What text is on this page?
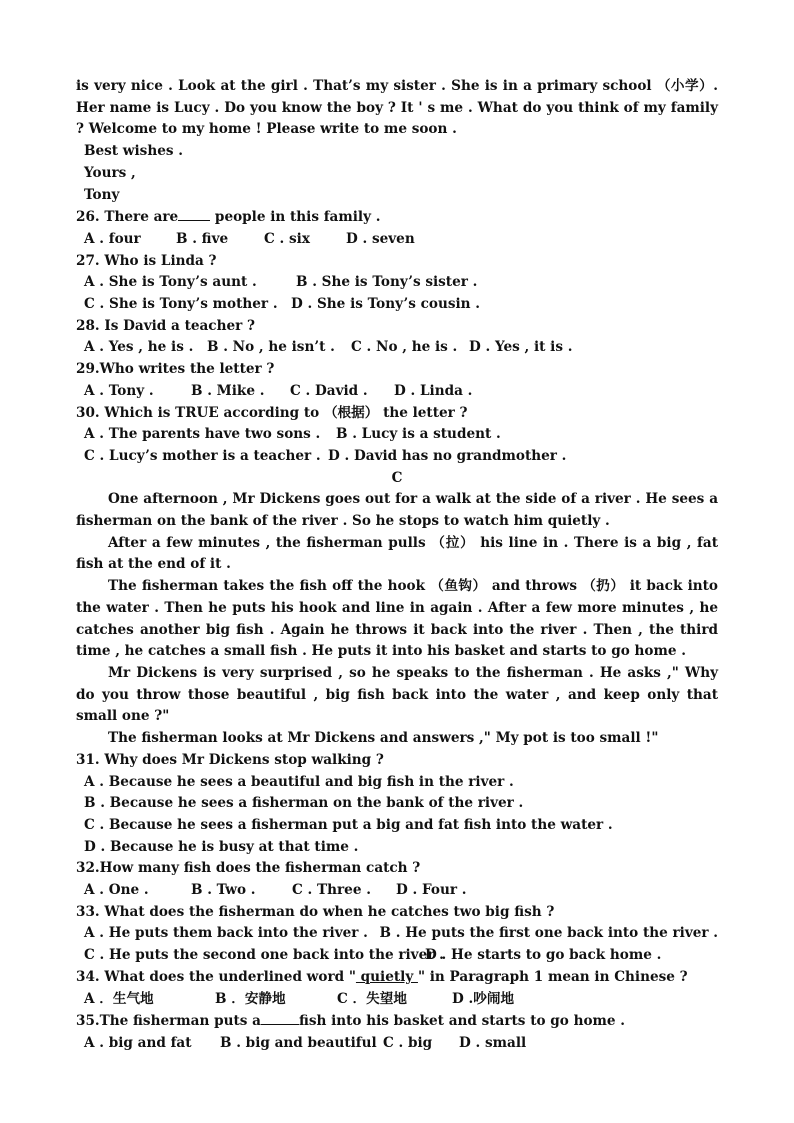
is very nice . Look at the girl . That’s my sister . She is in a primary school （小学）. Her name is Lucy . Do you know the boy ? It ' s me . What do you think of my family ? Welcome to my home ! Please write to me soon .

Best wishes .

Yours ,

Tony

26. There are people in this family .

A . four	B . five	C . six	D . seven

27. Who is Linda ?

A . She is Tony’s aunt .	B . She is Tony’s sister .
C . She is Tony’s mother . D . She is Tony’s cousin .

28. Is David a teacher ?

A . Yes , he is .	B . No , he isn’t .	C . No , he is . D . Yes , it is .

29.Who writes the letter ?

A . Tony .	B . Mike .	C . David .	D . Linda .

30. Which is TRUE according to （根据） the letter ?

A . The parents have two sons .	B . Lucy is a student .
C . Lucy’s mother is a teacher . D . David has no grandmother .

C

One afternoon , Mr Dickens goes out for a walk at the side of a river . He sees a fisherman on the bank of the river . So he stops to watch him quietly .

After a few minutes , the fisherman pulls （拉） his line in . There is a big , fat fish at the end of it .

The fisherman takes the fish off the hook （鱼钩） and throws （扔） it back into the water . Then he puts his hook and line in again . After a few more minutes , he catches another big fish . Again he throws it back into the river . Then , the third time , he catches a small fish . He puts it into his basket and starts to go home .

Mr Dickens is very surprised , so he speaks to the fisherman . He asks ," Why do you throw those beautiful , big fish back into the water , and keep only that small one ?"

The fisherman looks at Mr Dickens and answers ," My pot is too small !"

31. Why does Mr Dickens stop walking ?

A . Because he sees a beautiful and big fish in the river .

B . Because he sees a fisherman on the bank of the river .

C . Because he sees a fisherman put a big and fat fish into the water .

D . Because he is busy at that time .

32.How many fish does the fisherman catch ?

A . One .	B . Two .	C . Three .	D . Four .

33. What does the fisherman do when he catches two big fish ?

A . He puts them back into the river . B . He puts the first one back into the river .
C . He puts the second one back into the river .
D . He starts to go back home .

34. What does the underlined word " quietly " in Paragraph 1 mean in Chinese ?

A ．生气地	B ．安静地	C ．失望地	D .吵闹地

35.The fisherman puts a	fish into his basket and starts to go home .

A . big and fat	B . big and beautiful C . big	D . small
